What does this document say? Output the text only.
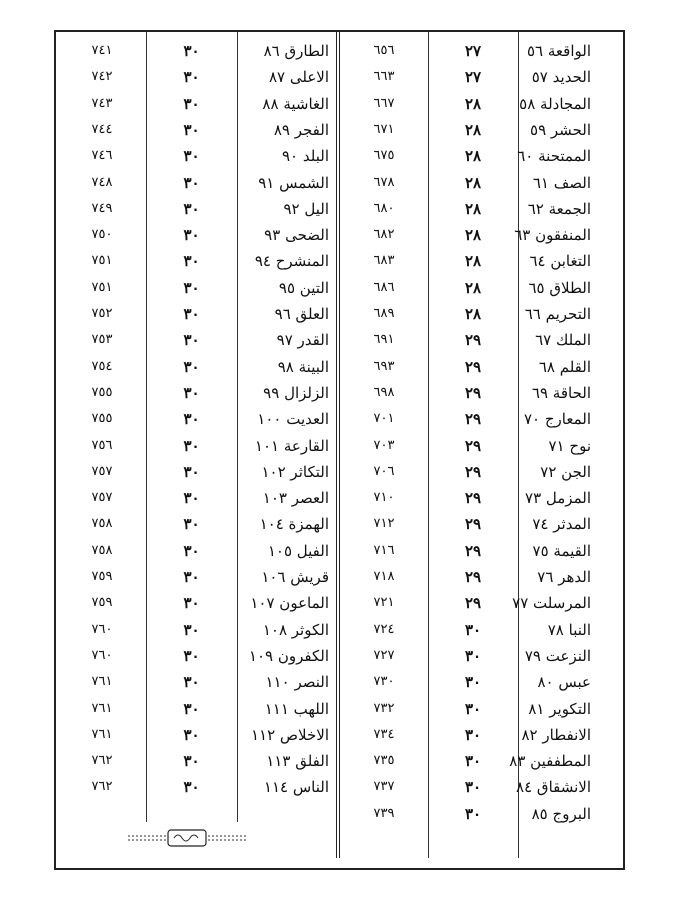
الواقعة ٥٦
٢٧
٦٥٦
الحديد ٥٧
٢٧
٦٦٣
المجادلة ٥٨
٢٨
٦٦٧
الحشر ٥٩
٢٨
٦٧١
الممتحنة ٦٠
٢٨
٦٧٥
الصف ٦١
٢٨
٦٧٨
الجمعة ٦٢
٢٨
٦٨٠
المنفقون ٦٣
٢٨
٦٨٢
التغابن ٦٤
٢٨
٦٨٣
الطلاق ٦٥
٢٨
٦٨٦
التحريم ٦٦
٢٨
٦٨٩
الملك ٦٧
٢٩
٦٩١
القلم ٦٨
٢٩
٦٩٣
الحاقة ٦٩
٢٩
٦٩٨
المعارج ٧٠
٢٩
٧٠١
نوح ٧١
٢٩
٧٠٣
الجن ٧٢
٢٩
٧٠٦
المزمل ٧٣
٢٩
٧١٠
المدثر ٧٤
٢٩
٧١٢
القيمة ٧٥
٢٩
٧١٦
الدهر ٧٦
٢٩
٧١٨
المرسلت ٧٧
٢٩
٧٢١
النبا ٧٨
٣٠
٧٢٤
النزعت ٧٩
٣٠
٧٢٧
عبس ٨٠
٣٠
٧٣٠
التكوير ٨١
٣٠
٧٣٢
الانفطار ٨٢
٣٠
٧٣٤
المطففين ٨٣
٣٠
٧٣٥
الانشقاق ٨٤
٣٠
٧٣٧
البروج ٨٥
٣٠
٧٣٩
الطارق ٨٦
٣٠
٧٤١
الاعلى ٨٧
٣٠
٧٤٢
الغاشية ٨٨
٣٠
٧٤٣
الفجر ٨٩
٣٠
٧٤٤
البلد ٩٠
٣٠
٧٤٦
الشمس ٩١
٣٠
٧٤٨
اليل ٩٢
٣٠
٧٤٩
الضحى ٩٣
٣٠
٧٥٠
المنشرح ٩٤
٣٠
٧٥١
التين ٩٥
٣٠
٧٥١
العلق ٩٦
٣٠
٧٥٢
القدر ٩٧
٣٠
٧٥٣
البينة ٩٨
٣٠
٧٥٤
الزلزال ٩٩
٣٠
٧٥٥
العديت ١٠٠
٣٠
٧٥٥
القارعة ١٠١
٣٠
٧٥٦
التكاثر ١٠٢
٣٠
٧٥٧
العصر ١٠٣
٣٠
٧٥٧
الهمزة ١٠٤
٣٠
٧٥٨
الفيل ١٠٥
٣٠
٧٥٨
قريش ١٠٦
٣٠
٧٥٩
الماعون ١٠٧
٣٠
٧٥٩
الكوثر ١٠٨
٣٠
٧٦٠
الكفرون ١٠٩
٣٠
٧٦٠
النصر ١١٠
٣٠
٧٦١
اللهب ١١١
٣٠
٧٦١
الاخلاص ١١٢
٣٠
٧٦١
الفلق ١١٣
٣٠
٧٦٢
الناس ١١٤
٣٠
٧٦٢
